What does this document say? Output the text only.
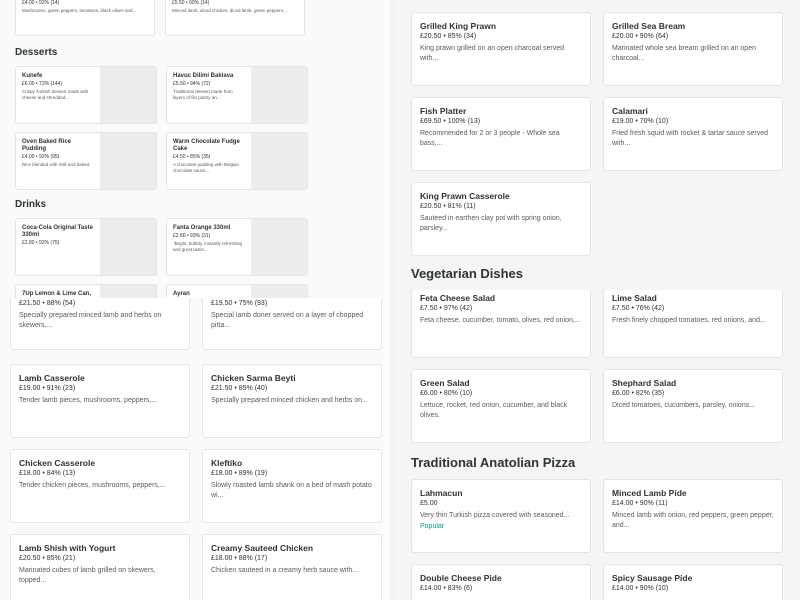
£4.00 • 92% (14)
Mushrooms, green peppers, tomatoes, black olives and...
£5.50 • 90% (14)
Minced lamb, diced chicken, diced lamb, green peppers,...
Desserts
Kunefe
£6.00 • 72% (144)
Crispy Turkish dessert made with cheese and shredded...
Havuc Dilimi Baklava
£5.50 • 94% (72)
Traditional dessert made from layers of filo pastry an...
Oven Baked Rice Pudding
£4.00 • 92% (95)
Rice blended with milk and baked.
Warm Chocolate Fudge Cake
£4.50 • 85% (35)
A chocolate pudding with Belgian chocolate sauce...
Drinks
Coca-Cola Original Taste 330ml
£2.80 • 92% (75)
Fanta Orange 330ml
£2.80 • 93% (31)
"Bright, bubbly, instantly refreshing and great tastin...
7Up Lemon & Lime Can,	Ayran
£21.50 • 88% (54)
Specially prepared minced lamb and herbs on skewers,...
£19.50 • 75% (93)
Special lamb doner served on a layer of chopped pitta...
Lamb Casserole
£19.00 • 91% (23)
Tender lamb pieces, mushrooms, peppers,...
Chicken Sarma Beyti
£21.50 • 85% (40)
Specially prepared minced chicken and herbs on...
Chicken Casserole
£18.00 • 84% (13)
Tender chicken pieces, mushrooms, peppers,...
Kleftiko
£18.00 • 89% (19)
Slowly roasted lamb shank on a bed of mash potato wi...
Lamb Shish with Yogurt
£20.50 • 85% (21)
Marinated cubes of lamb grilled on skewers, topped...
Creamy Sauteed Chicken
£18.00 • 88% (17)
Chicken sauteed in a creamy herb sauce with...
Grilled King Prawn
£20.50 • 85% (34)
King prawn grilled on an open charcoal served with...
Grilled Sea Bream
£20.00 • 90% (64)
Marinated whole sea bream grilled on an open charcoal...
Fish Platter
£69.50 • 100% (13)
Recommended for 2 or 3 people - Whole sea bass,...
Calamari
£19.00 • 70% (10)
Fried fresh squid with rocket & tartar sauce served with...
King Prawn Casserole
£20.50 • 81% (11)
Sauteed in earthen clay pot with spring onion, parsley...
Vegetarian Dishes
Feta Cheese Salad
£7.50 • 97% (42)
Feta cheese, cucumber, tomato, olives, red onion,...
Lime Salad
£7.50 • 76% (42)
Fresh finely chopped tomatoes, red onions, and...
Green Salad
£6.00 • 80% (10)
Lettuce, rocket, red onion, cucumber, and black olives.
Shephard Salad
£6.00 • 82% (35)
Diced tomatoes, cucumbers, parsley, onions...
Traditional Anatolian Pizza
Lahmacun
£5.00
Very thin Turkish pizza covered with seasoned...
Popular
Minced Lamb Pide
£14.00 • 90% (11)
Minced lamb with onion, red peppers, green pepper, and...
Double Cheese Pide
£14.00 • 83% (6)
Spicy Sausage Pide
£14.00 • 90% (10)
